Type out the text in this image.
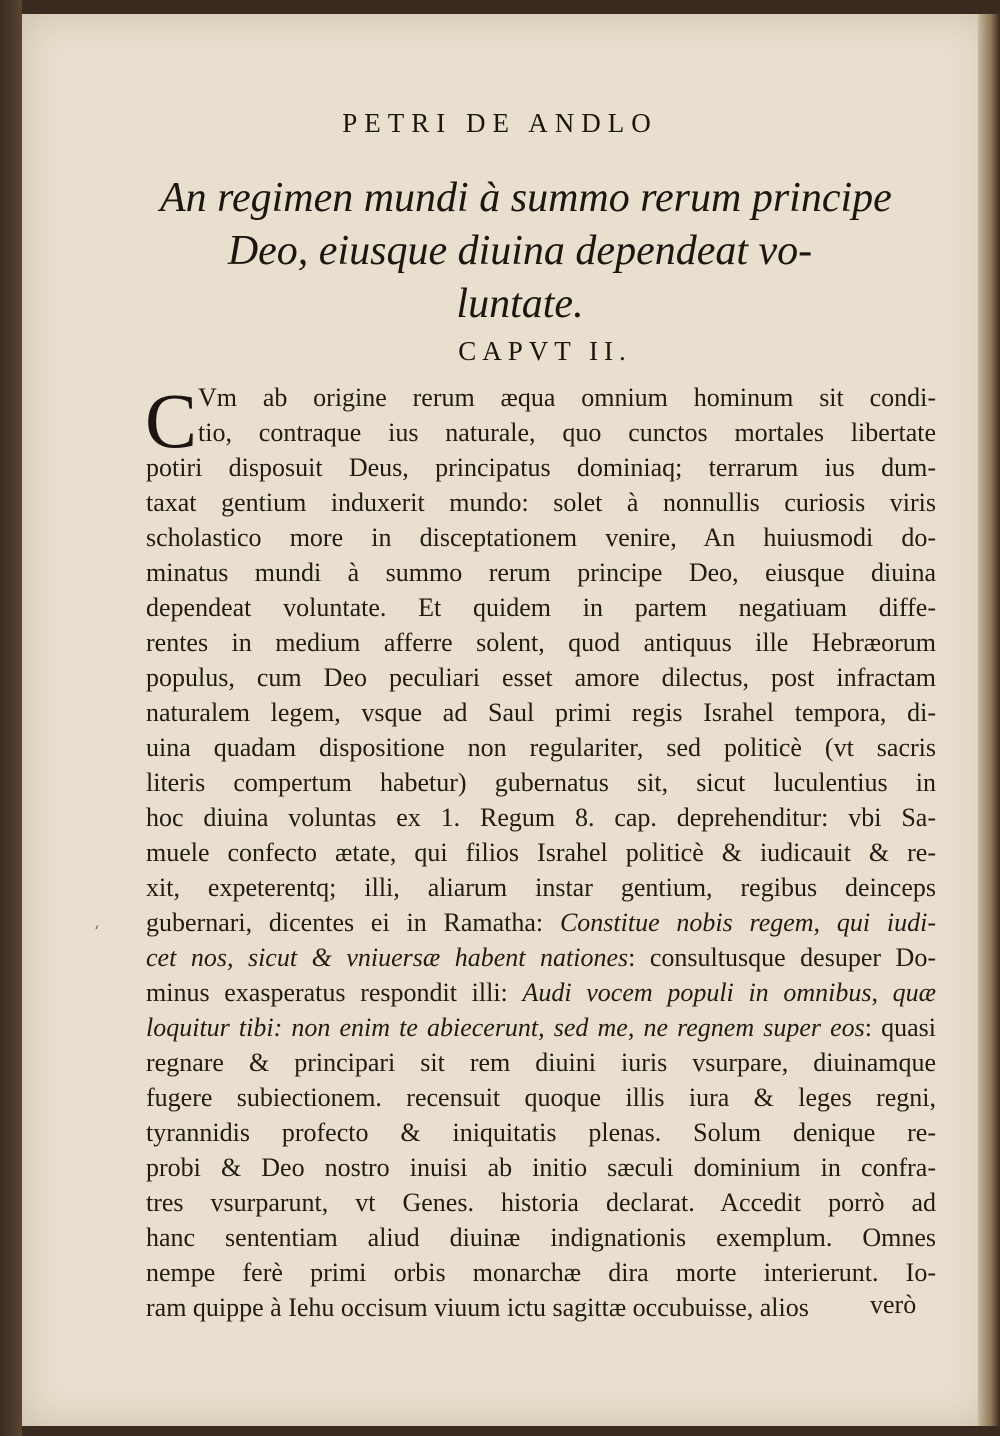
PETRI DE ANDLO
An regimen mundi à summo rerum principe
Deo, eiusque diuina dependeat vo-
luntate.
CAPVT II.
C Vm ab origine rerum æqua omnium hominum sit condi-
tio, contraque ius naturale, quo cunctos mortales libertate
potiri disposuit Deus, principatus dominiaq; terrarum ius dum-
taxat gentium induxerit mundo: solet à nonnullis curiosis viris
scholastico more in disceptationem venire, An huiusmodi do-
minatus mundi à summo rerum principe Deo, eiusque diuina
dependeat voluntate. Et quidem in partem negatiuam diffe-
rentes in medium afferre solent, quod antiquus ille Hebræorum
populus, cum Deo peculiari esset amore dilectus, post infractam
naturalem legem, vsque ad Saul primi regis Israhel tempora, di-
uina quadam dispositione non regulariter, sed politicè (vt sacris
literis compertum habetur) gubernatus sit, sicut luculentius in
hoc diuina voluntas ex 1. Regum 8. cap. deprehenditur: vbi Sa-
muele confecto ætate, qui filios Israhel politicè & iudicauit & re-
xit, expeterentq; illi, aliarum instar gentium, regibus deinceps
gubernari, dicentes ei in Ramatha: Constitue nobis regem, qui iudi-
cet nos, sicut & vniuersæ habent nationes: consultusque desuper Do-
minus exasperatus respondit illi: Audi vocem populi in omnibus, quæ
loquitur tibi: non enim te abiecerunt, sed me, ne regnem super eos: quasi
regnare & principari sit rem diuini iuris vsurpare, diuinamque
fugere subiectionem. recensuit quoque illis iura & leges regni,
tyrannidis profecto & iniquitatis plenas. Solum denique re-
probi & Deo nostro inuisi ab initio sæculi dominium in confra-
tres vsurparunt, vt Genes. historia declarat. Accedit porrò ad
hanc sententiam aliud diuinæ indignationis exemplum. Omnes
nempe ferè primi orbis monarchæ dira morte interierunt. Io-
ram quippe à Iehu occisum viuum ictu sagittæ occubuisse, alios	verò
‘
